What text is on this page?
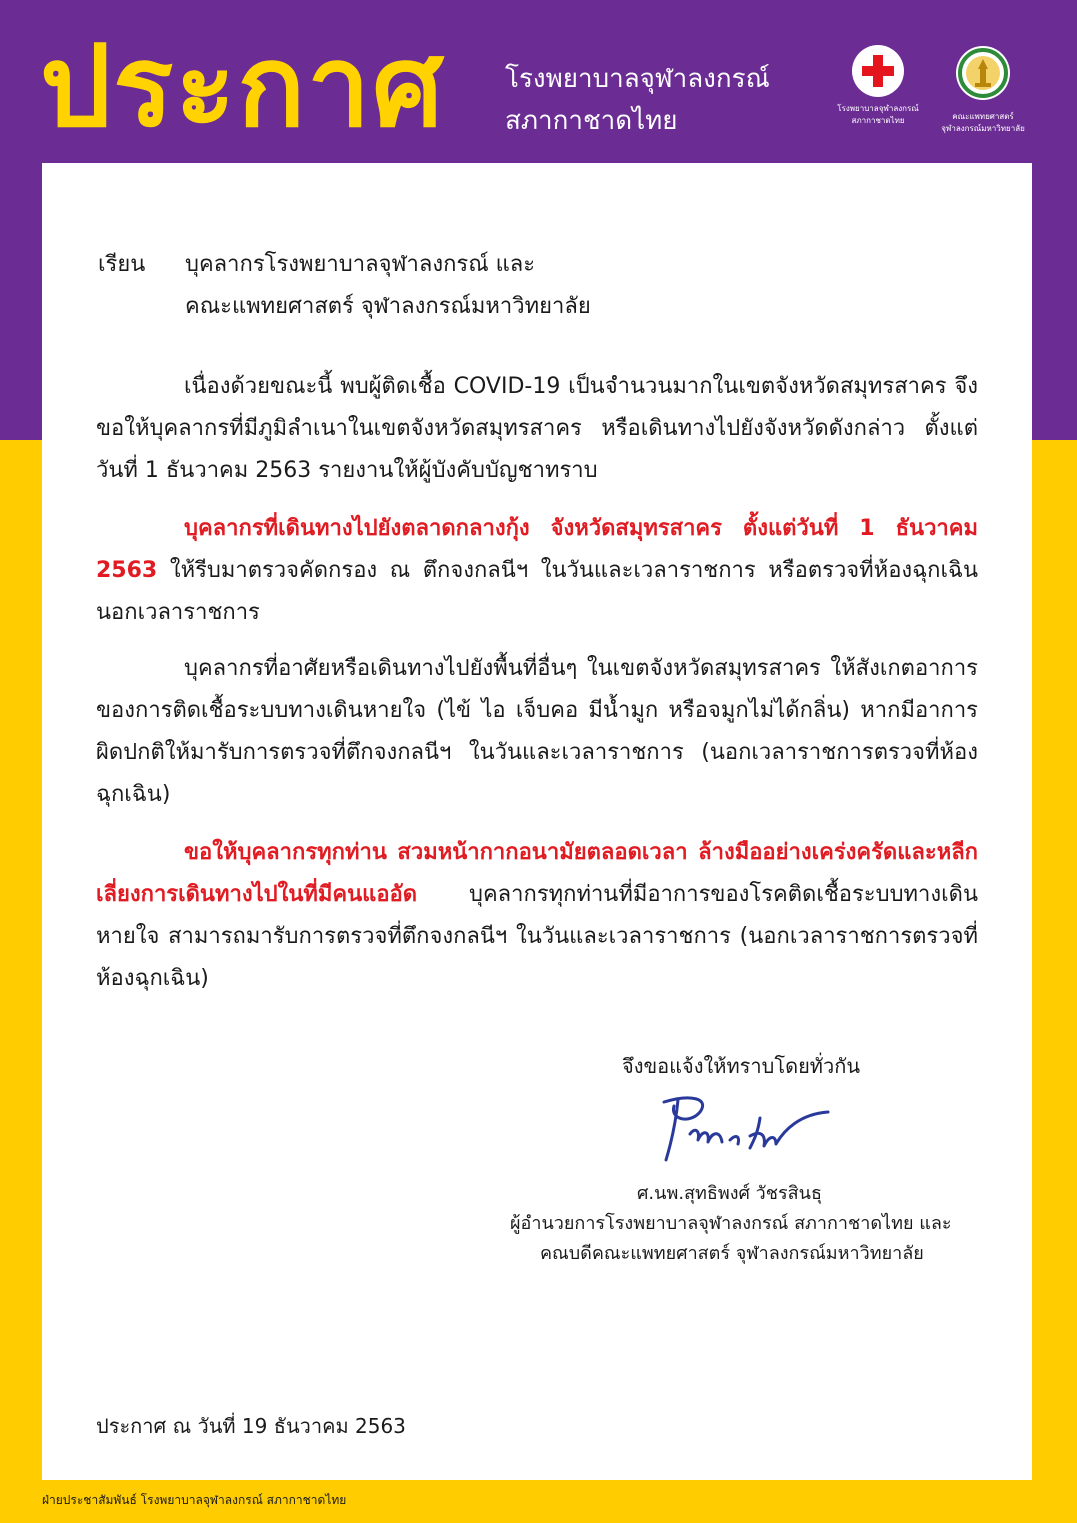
ประกาศ โรงพยาบาลจุฬาลงกรณ์
สภากาชาดไทย	โรงพยาบาลจุฬาลงกรณ์
สภากาชาดไทย	คณะแพทยศาสตร์
จุฬาลงกรณ์มหาวิทยาลัย
เรียน บุคลากรโรงพยาบาลจุฬาลงกรณ์ และ
คณะแพทยศาสตร์ จุฬาลงกรณ์มหาวิทยาลัย
เนื่องด้วยขณะนี้ พบผู้ติดเชื้อ COVID-19 เป็นจำนวนมากในเขตจังหวัดสมุทรสาคร จึงขอให้บุคลากรที่มีภูมิลำเนาในเขตจังหวัดสมุทรสาคร หรือเดินทางไปยังจังหวัดดังกล่าว ตั้งแต่วันที่ 1 ธันวาคม 2563 รายงานให้ผู้บังคับบัญชาทราบ
บุคลากรที่เดินทางไปยังตลาดกลางกุ้ง จังหวัดสมุทรสาคร ตั้งแต่วันที่ 1 ธันวาคม 2563 ให้รีบมาตรวจคัดกรอง ณ ตึกจงกลนีฯ ในวันและเวลาราชการ หรือตรวจที่ห้องฉุกเฉินนอกเวลาราชการ
บุคลากรที่อาศัยหรือเดินทางไปยังพื้นที่อื่นๆ ในเขตจังหวัดสมุทรสาคร ให้สังเกตอาการของการติดเชื้อระบบทางเดินหายใจ (ไข้ ไอ เจ็บคอ มีน้ำมูก หรือจมูกไม่ได้กลิ่น) หากมีอาการผิดปกติให้มารับการตรวจที่ตึกจงกลนีฯ ในวันและเวลาราชการ (นอกเวลาราชการตรวจที่ห้องฉุกเฉิน)
ขอให้บุคลากรทุกท่าน สวมหน้ากากอนามัยตลอดเวลา ล้างมืออย่างเคร่งครัดและหลีกเลี่ยงการเดินทางไปในที่มีคนแออัด บุคลากรทุกท่านที่มีอาการของโรคติดเชื้อระบบทางเดินหายใจ สามารถมารับการตรวจที่ตึกจงกลนีฯ ในวันและเวลาราชการ (นอกเวลาราชการตรวจที่ห้องฉุกเฉิน)
จึงขอแจ้งให้ทราบโดยทั่วกัน
ศ.นพ.สุทธิพงศ์ วัชรสินธุ
ผู้อำนวยการโรงพยาบาลจุฬาลงกรณ์ สภากาชาดไทย และ
คณบดีคณะแพทยศาสตร์ จุฬาลงกรณ์มหาวิทยาลัย
ประกาศ ณ วันที่ 19 ธันวาคม 2563
ฝ่ายประชาสัมพันธ์ โรงพยาบาลจุฬาลงกรณ์ สภากาชาดไทย
